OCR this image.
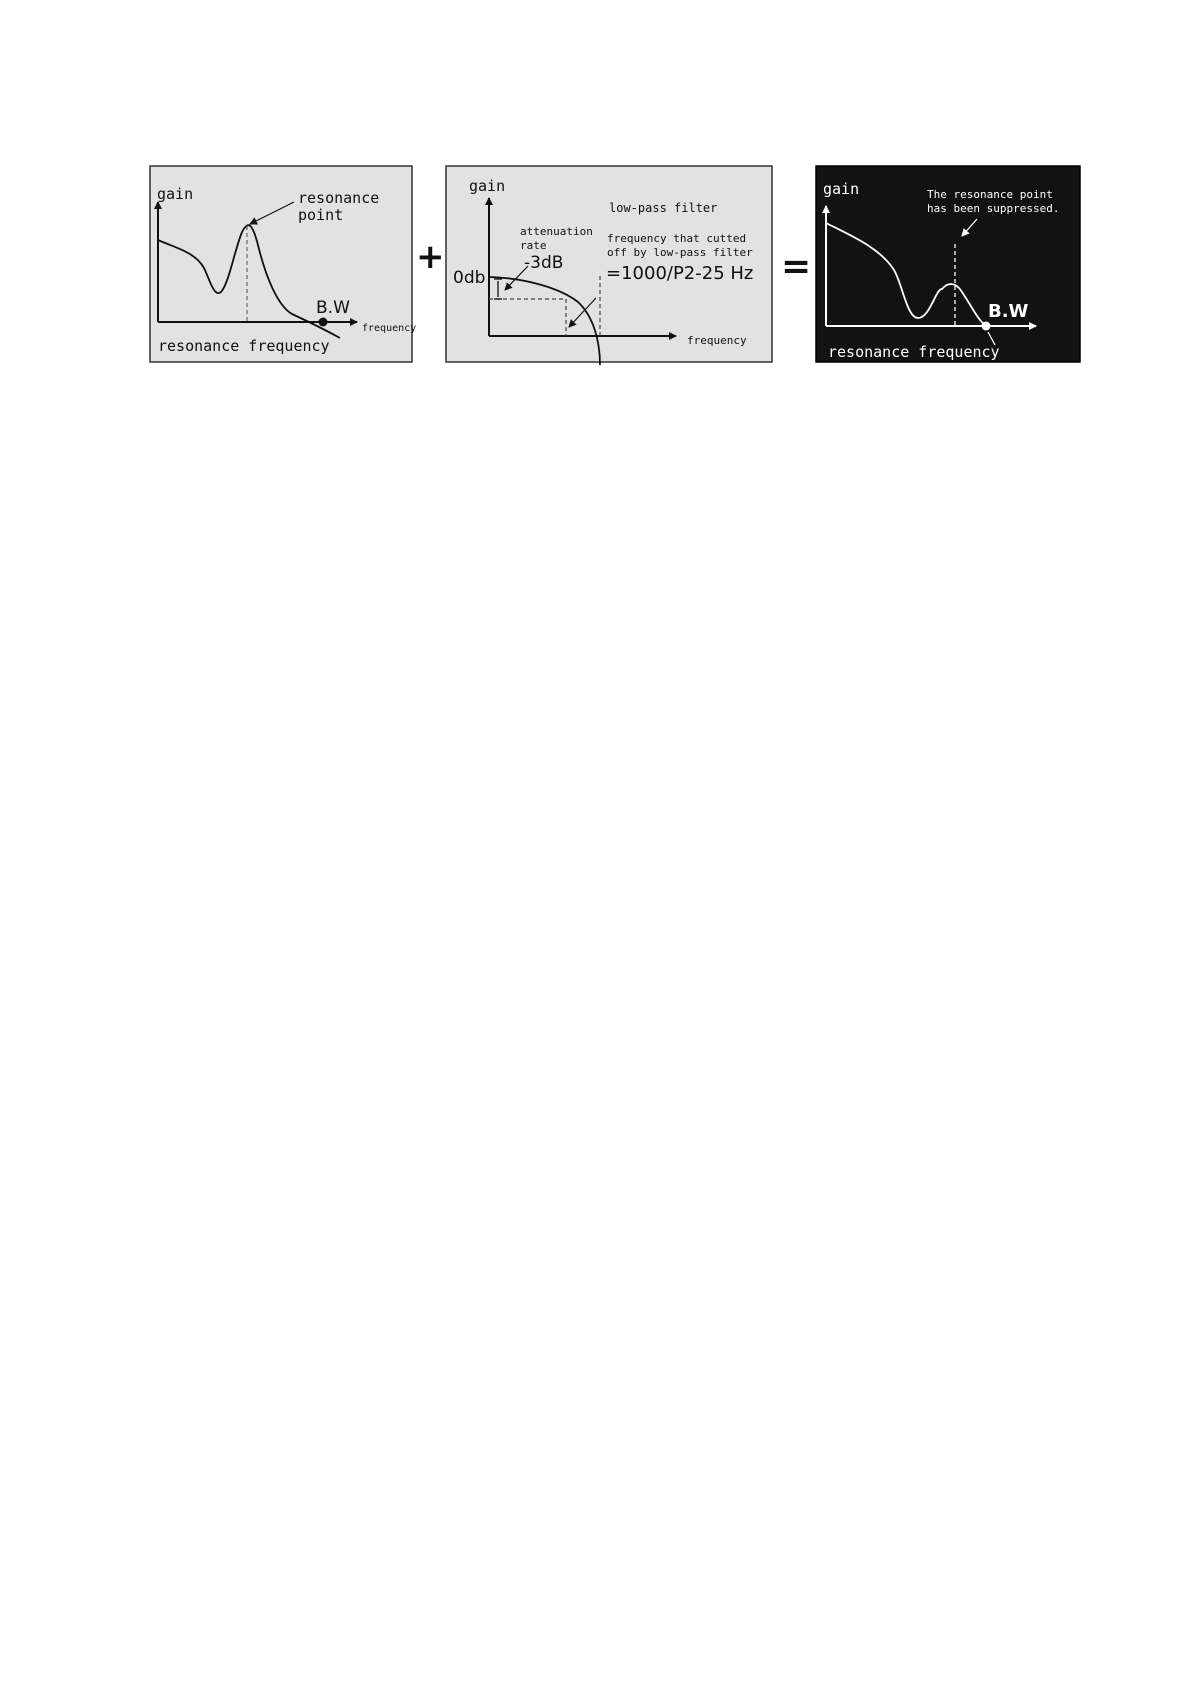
gain	resonance
point
B.W
frequency
resonance frequency
+
gain
low-pass filter
attenuation
rate
-3dB
0db
frequency that cutted
off by low-pass filter
=1000/P2-25 Hz
frequency
=
gain	The resonance point
has been suppressed.
B.W
resonance frequency
